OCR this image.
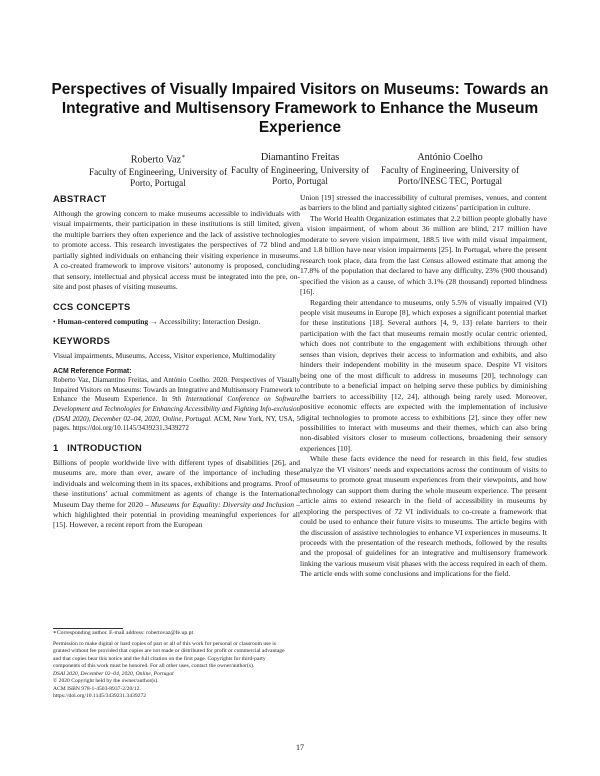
Perspectives of Visually Impaired Visitors on Museums: Towards an Integrative and Multisensory Framework to Enhance the Museum Experience
Roberto Vaz∗
Faculty of Engineering, University of Porto, Portugal
Diamantino Freitas
Faculty of Engineering, University of Porto, Portugal
António Coelho
Faculty of Engineering, University of Porto/INESC TEC, Portugal
ABSTRACT

Although the growing concern to make museums accessible to individuals with visual impairments, their participation in these institutions is still limited, given the multiple barriers they often experience and the lack of assistive technologies to promote access. This research investigates the perspectives of 72 blind and partially sighted individuals on enhancing their visiting experience in museums. A co-created framework to improve visitors’ autonomy is proposed, concluding that sensory, intellectual and physical access must be integrated into the pre, on-site and post phases of visiting museums.

CCS CONCEPTS

• Human-centered computing → Accessibility; Interaction Design.

KEYWORDS

Visual impairments, Museums, Access, Visitor experience, Multimodality

ACM Reference Format:
Roberto Vaz, Diamantino Freitas, and António Coelho. 2020. Perspectives of Visually Impaired Visitors on Museums: Towards an Integrative and Multisensory Framework to Enhance the Museum Experience. In 9th International Conference on Software Development and Technologies for Enhancing Accessibility and Fighting Info-exclusion (DSAI 2020), December 02–04, 2020, Online, Portugal. ACM, New York, NY, USA, 5 pages. https://doi.org/10.1145/3439231.3439272

1   INTRODUCTION

Billions of people worldwide live with different types of disabilities [26], and museums are, more than ever, aware of the importance of including these individuals and welcoming them in its spaces, exhibitions and programs. Proof of these institutions’ actual commitment as agents of change is the International Museum Day theme for 2020 – Museums for Equality: Diversity and Inclusion – which highlighted their potential in providing meaningful experiences for all [15]. However, a recent report from the European

Union [19] stressed the inaccessibility of cultural premises, venues, and content as barriers to the blind and partially sighted citizens’ participation in culture.

The World Health Organization estimates that 2.2 billion people globally have a vision impairment, of whom about 36 million are blind, 217 million have moderate to severe vision impairment, 188.5 live with mild visual impairment, and 1.8 billion have near vision impairments [25]. In Portugal, where the present research took place, data from the last Census allowed estimate that among the 17.8% of the population that declared to have any difficulty, 23% (900 thousand) specified the vision as a cause, of which 3.1% (28 thousand) reported blindness [16].

Regarding their attendance to museums, only 5.5% of visually impaired (VI) people visit museums in Europe [8], which exposes a significant potential market for these institutions [18]. Several authors [4, 9, 13] relate barriers to their participation with the fact that museums remain mostly ocular centric oriented, which does not contribute to the engagement with exhibitions through other senses than vision, deprives their access to information and exhibits, and also hinders their independent mobility in the museum space. Despite VI visitors being one of the most difficult to address in museums [20], technology can contribute to a beneficial impact on helping serve these publics by diminishing the barriers to accessibility [12, 24], although being rarely used. Moreover, positive economic effects are expected with the implementation of inclusive digital technologies to promote access to exhibitions [2], since they offer new possibilities to interact with museums and their themes, which can also bring non-disabled visitors closer to museum collections, broadening their sensory experiences [10].

While these facts evidence the need for research in this field, few studies analyze the VI visitors’ needs and expectations across the continuum of visits to museums to promote great museum experiences from their viewpoints, and how technology can support them during the whole museum experience. The present article aims to extend research in the field of accessibility in museums by exploring the perspectives of 72 VI individuals to co-create a framework that could be used to enhance their future visits to museums. The article begins with the discussion of assistive technologies to enhance VI experiences in museums. It proceeds with the presentation of the research methods, followed by the results and the proposal of guidelines for an integrative and multisensory framework linking the various museum visit phases with the access required in each of them. The article ends with some conclusions and implications for the field.

∗Corresponding author. E-mail address: robertovaz@fe.up.pt
Permission to make digital or hard copies of part or all of this work for personal or classroom use is granted without fee provided that copies are not made or distributed for profit or commercial advantage and that copies bear this notice and the full citation on the first page. Copyrights for third-party components of this work must be honored. For all other uses, contact the owner/author(s).
DSAI 2020, December 02–04, 2020, Online, Portugal
© 2020 Copyright held by the owner/author(s).
ACM ISBN 978-1-4503-8937-2/20/12.
https://doi.org/10.1145/3439231.3439272
17
